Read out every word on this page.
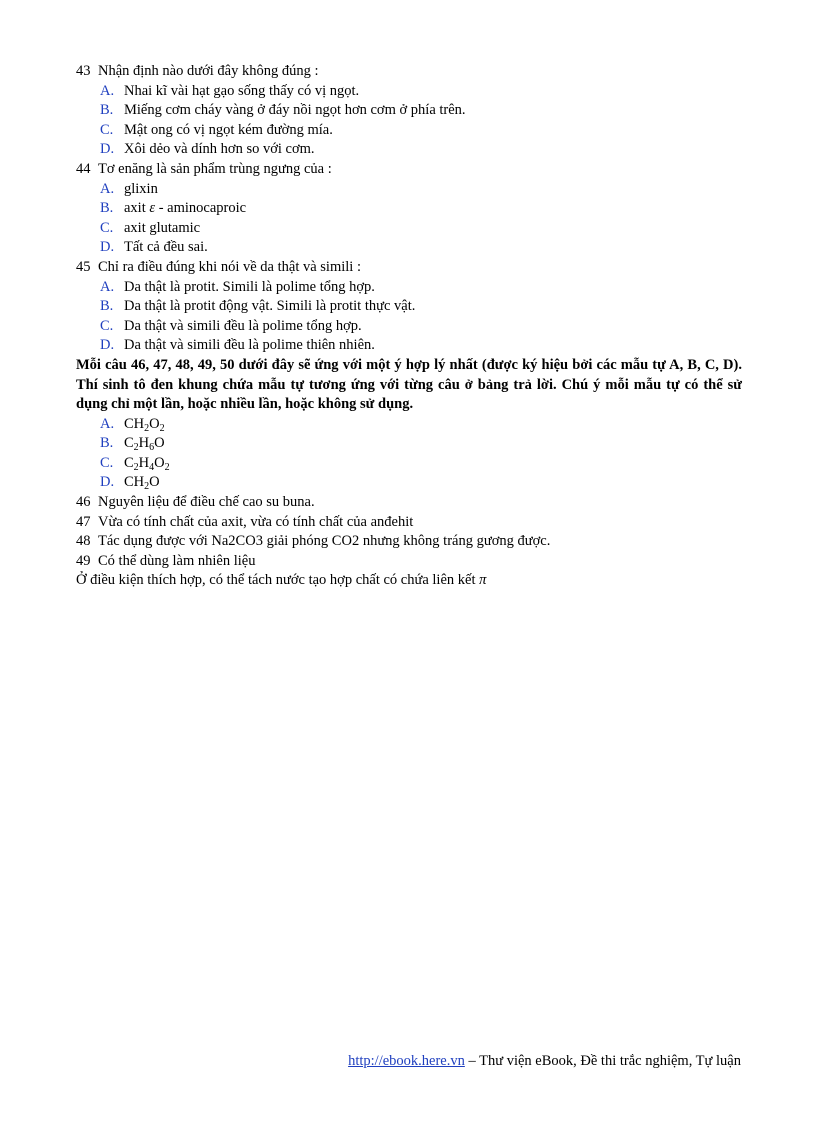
43 Nhận định nào dưới đây không đúng :
A. Nhai kĩ vài hạt gạo sống thấy có vị ngọt.
B. Miếng cơm cháy vàng ở đáy nồi ngọt hơn cơm ở phía trên.
C. Mật ong có vị ngọt kém đường mía.
D. Xôi dẻo và dính hơn so với cơm.
44 Tơ enăng là sản phẩm trùng ngưng của :
A. glixin
B. axit ε - aminocaproic
C. axit glutamic
D. Tất cả đều sai.
45 Chỉ ra điều đúng khi nói về da thật và simili :
A. Da thật là protit. Simili là polime tổng hợp.
B. Da thật là protit động vật. Simili là protit thực vật.
C. Da thật và simili đều là polime tổng hợp.
D. Da thật và simili đều là polime thiên nhiên.
Mỗi câu 46, 47, 48, 49, 50 dưới đây sẽ ứng với một ý hợp lý nhất (được ký hiệu bởi các mẫu tự A, B, C, D). Thí sinh tô đen khung chứa mẫu tự tương ứng với từng câu ở bảng trả lời. Chú ý mỗi mẫu tự có thể sử dụng chỉ một lần, hoặc nhiều lần, hoặc không sử dụng.
A. $CH_2O_2$
B. $C_2H_6O$
C. $C_2H_4O_2$
D. $CH_2O$
46 Nguyên liệu để điều chế cao su buna.
47 Vừa có tính chất của axit, vừa có tính chất của anđehit
48 Tác dụng được với Na2CO3 giải phóng CO2 nhưng không tráng gương được.
49 Có thể dùng làm nhiên liệu
Ở điều kiện thích hợp, có thể tách nước tạo hợp chất có chứa liên kết π
http://ebook.here.vn – Thư viện eBook, Đề thi trắc nghiệm, Tự luận
